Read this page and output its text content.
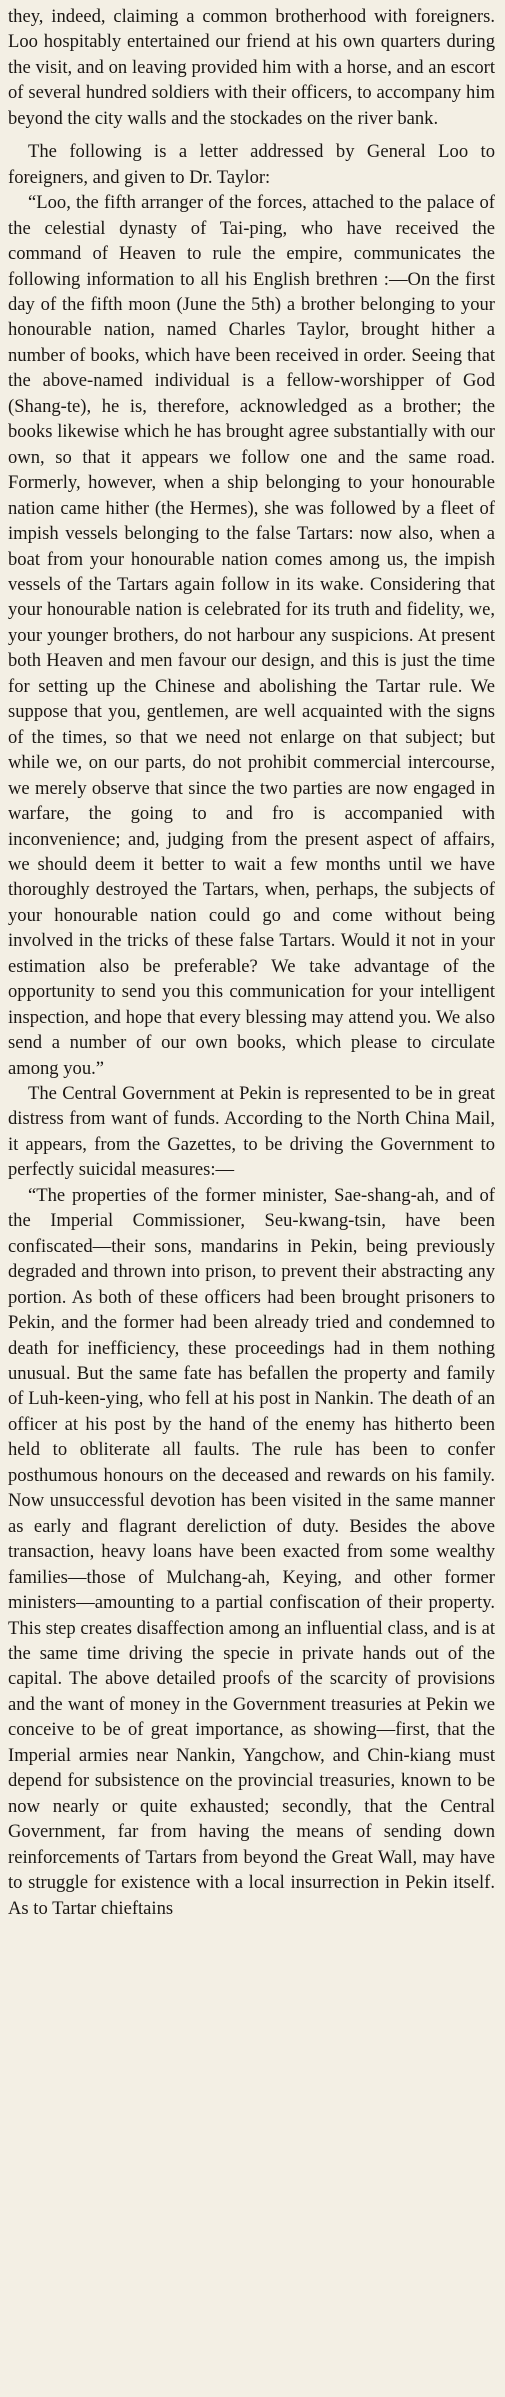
they, indeed, claiming a common brotherhood with foreigners. Loo hospitably entertained our friend at his own quarters during the visit, and on leaving provided him with a horse, and an escort of several hundred soldiers with their officers, to accompany him beyond the city walls and the stockades on the river bank.

The following is a letter addressed by General Loo to foreigners, and given to Dr. Taylor:

“Loo, the fifth arranger of the forces, attached to the palace of the celestial dynasty of Tai-ping, who have received the command of Heaven to rule the empire, communicates the following information to all his English brethren :—On the first day of the fifth moon (June the 5th) a brother belonging to your honourable nation, named Charles Taylor, brought hither a number of books, which have been received in order. Seeing that the above-named individual is a fellow-worshipper of God (Shang-te), he is, therefore, acknowledged as a brother; the books likewise which he has brought agree substantially with our own, so that it appears we follow one and the same road. Formerly, however, when a ship belonging to your honourable nation came hither (the Hermes), she was followed by a fleet of impish vessels belonging to the false Tartars: now also, when a boat from your honourable nation comes among us, the impish vessels of the Tartars again follow in its wake. Considering that your honourable nation is celebrated for its truth and fidelity, we, your younger brothers, do not harbour any suspicions. At present both Heaven and men favour our design, and this is just the time for setting up the Chinese and abolishing the Tartar rule. We suppose that you, gentlemen, are well acquainted with the signs of the times, so that we need not enlarge on that subject; but while we, on our parts, do not prohibit commercial intercourse, we merely observe that since the two parties are now engaged in warfare, the going to and fro is accompanied with inconvenience; and, judging from the present aspect of affairs, we should deem it better to wait a few months until we have thoroughly destroyed the Tartars, when, perhaps, the subjects of your honourable nation could go and come without being involved in the tricks of these false Tartars. Would it not in your estimation also be preferable? We take advantage of the opportunity to send you this communication for your intelligent inspection, and hope that every blessing may attend you. We also send a number of our own books, which please to circulate among you.”

The Central Government at Pekin is represented to be in great distress from want of funds. According to the North China Mail, it appears, from the Gazettes, to be driving the Government to perfectly suicidal measures:—

“The properties of the former minister, Sae-shang-ah, and of the Imperial Commissioner, Seu-kwang-tsin, have been confiscated—their sons, mandarins in Pekin, being previously degraded and thrown into prison, to prevent their abstracting any portion. As both of these officers had been brought prisoners to Pekin, and the former had been already tried and condemned to death for inefficiency, these proceedings had in them nothing unusual. But the same fate has befallen the property and family of Luh-keen-ying, who fell at his post in Nankin. The death of an officer at his post by the hand of the enemy has hitherto been held to obliterate all faults. The rule has been to confer posthumous honours on the deceased and rewards on his family. Now unsuccessful devotion has been visited in the same manner as early and flagrant dereliction of duty. Besides the above transaction, heavy loans have been exacted from some wealthy families—those of Mulchang-ah, Keying, and other former ministers—amounting to a partial confiscation of their property. This step creates disaffection among an influential class, and is at the same time driving the specie in private hands out of the capital. The above detailed proofs of the scarcity of provisions and the want of money in the Government treasuries at Pekin we conceive to be of great importance, as showing—first, that the Imperial armies near Nankin, Yangchow, and Chin-kiang must depend for subsistence on the provincial treasuries, known to be now nearly or quite exhausted; secondly, that the Central Government, far from having the means of sending down reinforcements of Tartars from beyond the Great Wall, may have to struggle for existence with a local insurrection in Pekin itself. As to Tartar chieftains
